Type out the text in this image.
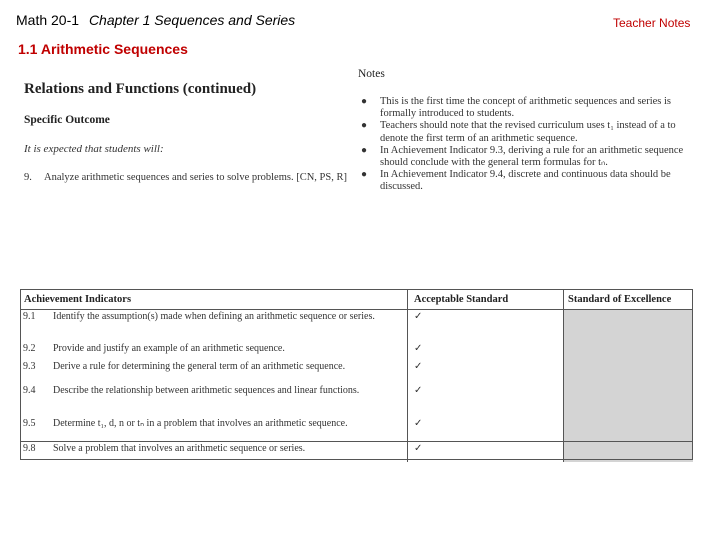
Math 20-1 Chapter 1 Sequences and Series	Teacher Notes
1.1 Arithmetic Sequences
Relations and Functions (continued)
Specific Outcome
It is expected that students will:
9. Analyze arithmetic sequences and series to solve problems. [CN, PS, R]
Notes

● This is the first time the concept of arithmetic sequences and series is formally introduced to students.

● Teachers should note that the revised curriculum uses t₁ instead of a to denote the first term of an arithmetic sequence.

● In Achievement Indicator 9.3, deriving a rule for an arithmetic sequence should conclude with the general term formulas for tₙ.

● In Achievement Indicator 9.4, discrete and continuous data should be discussed.

Achievement Indicators		Acceptable Standard	Standard of Excellence
9.1	Identify the assumption(s) made when defining an arithmetic sequence or series.	✓	
9.2	Provide and justify an example of an arithmetic sequence.	✓	
9.3	Derive a rule for determining the general term of an arithmetic sequence.	✓	
9.4	Describe the relationship between arithmetic sequences and linear functions.	✓	
9.5	Determine t₁, d, n or tₙ in a problem that involves an arithmetic sequence.	✓	
9.8	Solve a problem that involves an arithmetic sequence or series.	✓	
